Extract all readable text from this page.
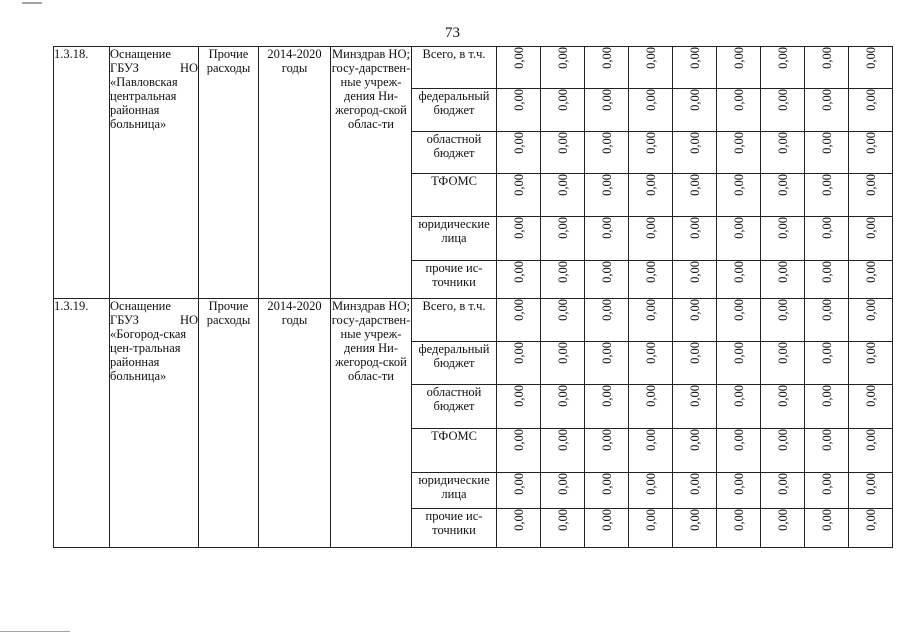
73
1.3.18.	Оснащение ГБУЗ НО «Павловская центральная районная больница»	Прочие расходы	2014-2020 годы	Минздрав НО; госу-дарствен-ные учреж-дения Ни-жегород-ской облас-ти	Всего, в т.ч.	0,00	0,00	0,00	0,00	0,00	0,00	0,00	0,00	0,00
					федеральный бюджет	0,00	0,00	0,00	0,00	0,00	0,00	0,00	0,00	0,00
					областной бюджет	0,00	0,00	0,00	0,00	0,00	0,00	0,00	0,00	0,00
					ТФОМС	0,00	0,00	0,00	0,00	0,00	0,00	0,00	0,00	0,00
					юридические лица	0,00	0,00	0,00	0,00	0,00	0,00	0,00	0,00	0,00
					прочие ис-точники	0,00	0,00	0,00	0,00	0,00	0,00	0,00	0,00	0,00
1.3.19.	Оснащение ГБУЗ НО «Богород-ская цен-тральная районная больница»	Прочие расходы	2014-2020 годы	Минздрав НО; госу-дарствен-ные учреж-дения Ни-жегород-ской облас-ти	Всего, в т.ч.	0,00	0,00	0,00	0,00	0,00	0,00	0,00	0,00	0,00
					федеральный бюджет	0,00	0,00	0,00	0,00	0,00	0,00	0,00	0,00	0,00
					областной бюджет	0,00	0,00	0,00	0,00	0,00	0,00	0,00	0,00	0,00
					ТФОМС	0,00	0,00	0,00	0,00	0,00	0,00	0,00	0,00	0,00
					юридические лица	0,00	0,00	0,00	0,00	0,00	0,00	0,00	0,00	0,00
					прочие ис-точники	0,00	0,00	0,00	0,00	0,00	0,00	0,00	0,00	0,00
